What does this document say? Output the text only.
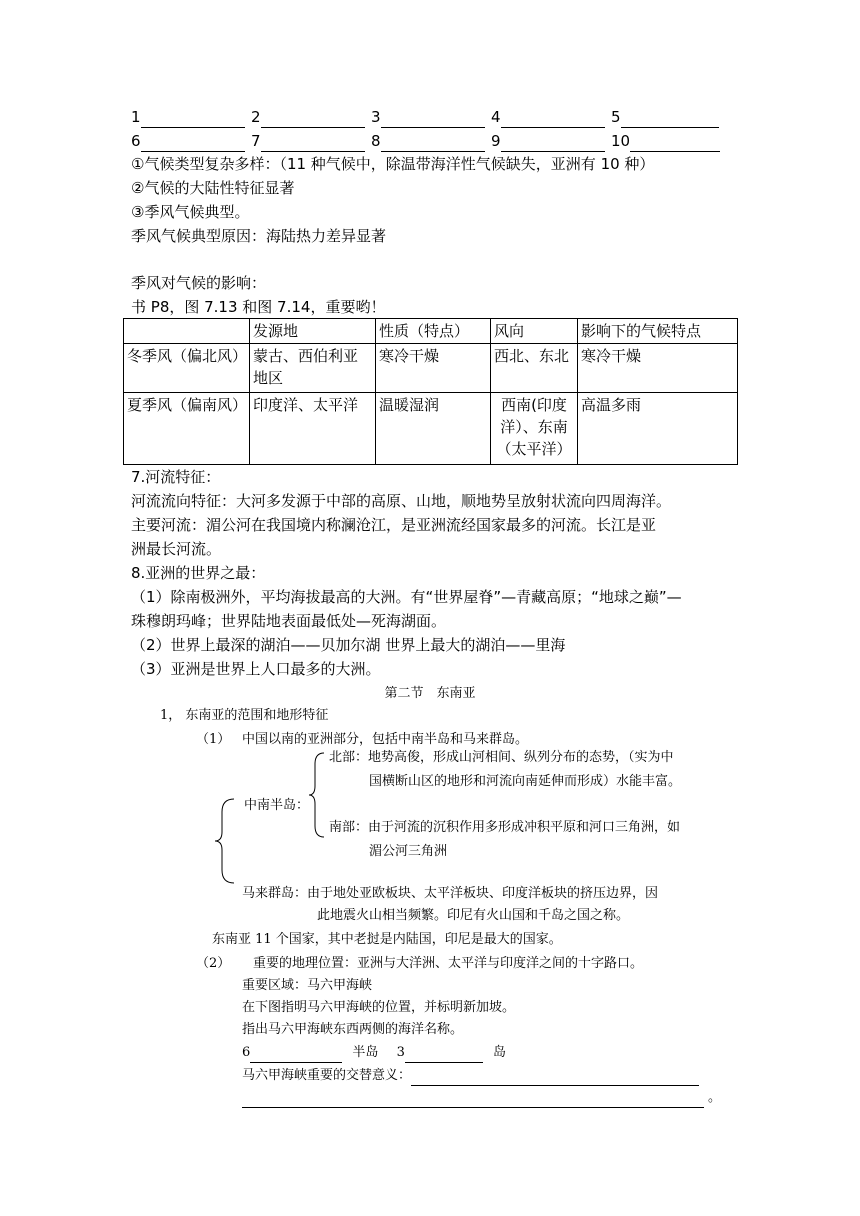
1	2	3	4	5
6	7	8	9	10
①气候类型复杂多样：（11 种气候中，除温带海洋性气候缺失，亚洲有 10 种）
②气候的大陆性特征显著
③季风气候典型。
季风气候典型原因：海陆热力差异显著
季风对气候的影响：
书 P8，图 7.13 和图 7.14，重要哟！
	发源地	性质（特点）	风向	影响下的气候特点
冬季风（偏北风）	蒙古、西伯利亚地区	寒冷干燥	西北、东北	寒冷干燥
夏季风（偏南风）	印度洋、太平洋	温暖湿润	西南(印度洋）、东南（太平洋）	高温多雨
7.河流特征：
河流流向特征：大河多发源于中部的高原、山地，顺地势呈放射状流向四周海洋。
主要河流：湄公河在我国境内称澜沧江，是亚洲流经国家最多的河流。长江是亚
洲最长河流。
8.亚洲的世界之最：
（1）除南极洲外，平均海拔最高的大洲。有“世界屋脊”—青藏高原；“地球之巅”—
珠穆朗玛峰；世界陆地表面最低处—死海湖面。
（2）世界上最深的湖泊——贝加尔湖 世界上最大的湖泊——里海
（3）亚洲是世界上人口最多的大洲。
第二节　东南亚
1， 东南亚的范围和地形特征
（1） 中国以南的亚洲部分，包括中南半岛和马来群岛。
中南半岛：
北部：地势高俊，形成山河相间、纵列分布的态势，（实为中
国横断山区的地形和河流向南延伸而形成）水能丰富。
南部：由于河流的沉积作用多形成冲积平原和河口三角洲，如
湄公河三角洲
马来群岛：由于地处亚欧板块、太平洋板块、印度洋板块的挤压边界，因
此地震火山相当频繁。印尼有火山国和千岛之国之称。
东南亚 11 个国家，其中老挝是内陆国，印尼是最大的国家。
（2） 重要的地理位置：亚洲与大洋洲、太平洋与印度洋之间的十字路口。
重要区域：马六甲海峡
在下图指明马六甲海峡的位置，并标明新加坡。
指出马六甲海峡东西两侧的海洋名称。
6	半岛 3	岛
马六甲海峡重要的交替意义：
。
